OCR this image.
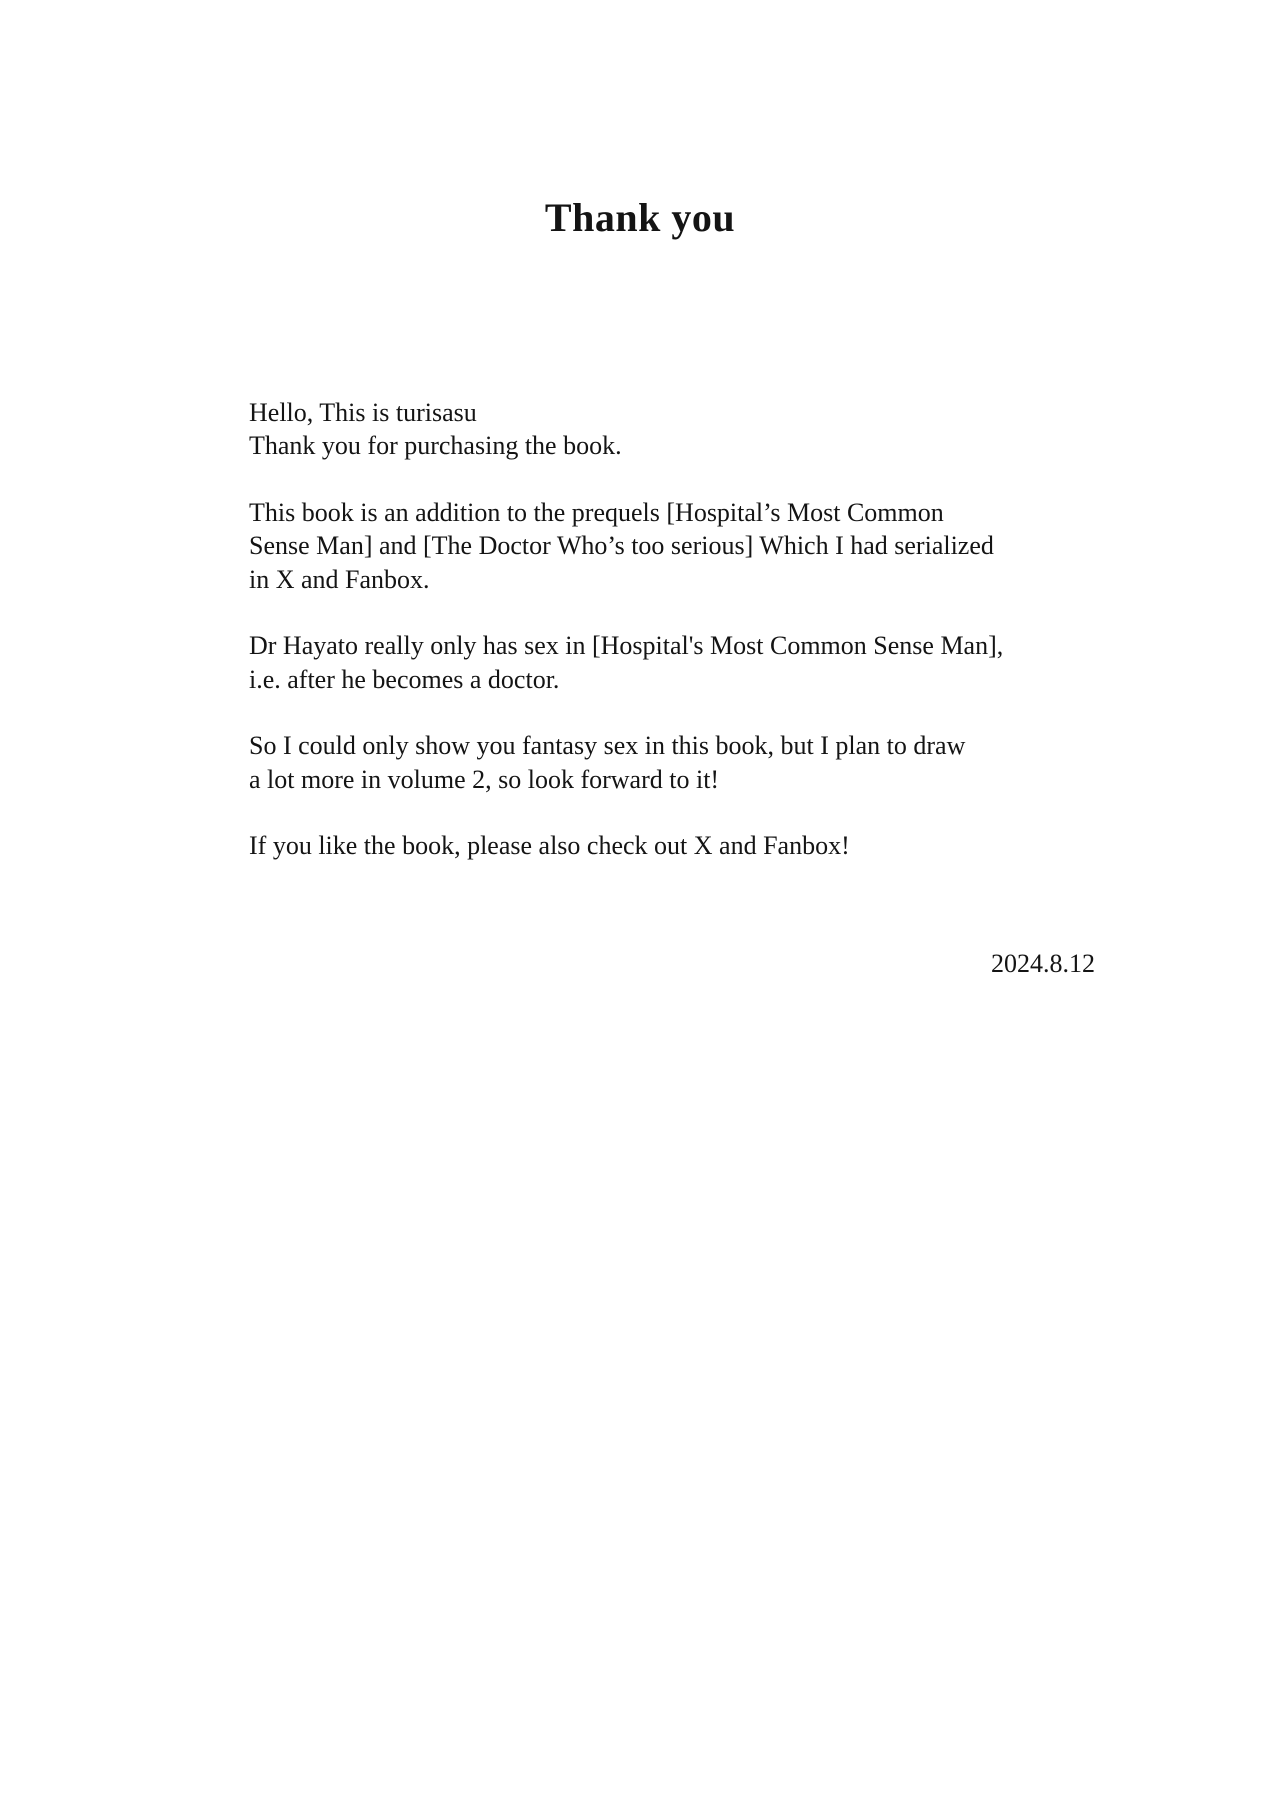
Thank you
Hello, This is turisasu
Thank you for purchasing the book.
This book is an addition to the prequels [Hospital’s Most Common
Sense Man] and [The Doctor Who’s too serious] Which I had serialized
in X and Fanbox.
Dr Hayato really only has sex in [Hospital's Most Common Sense Man],
i.e. after he becomes a doctor.
So I could only show you fantasy sex in this book, but I plan to draw
a lot more in volume 2, so look forward to it!
If you like the book, please also check out X and Fanbox!
2024.8.12
